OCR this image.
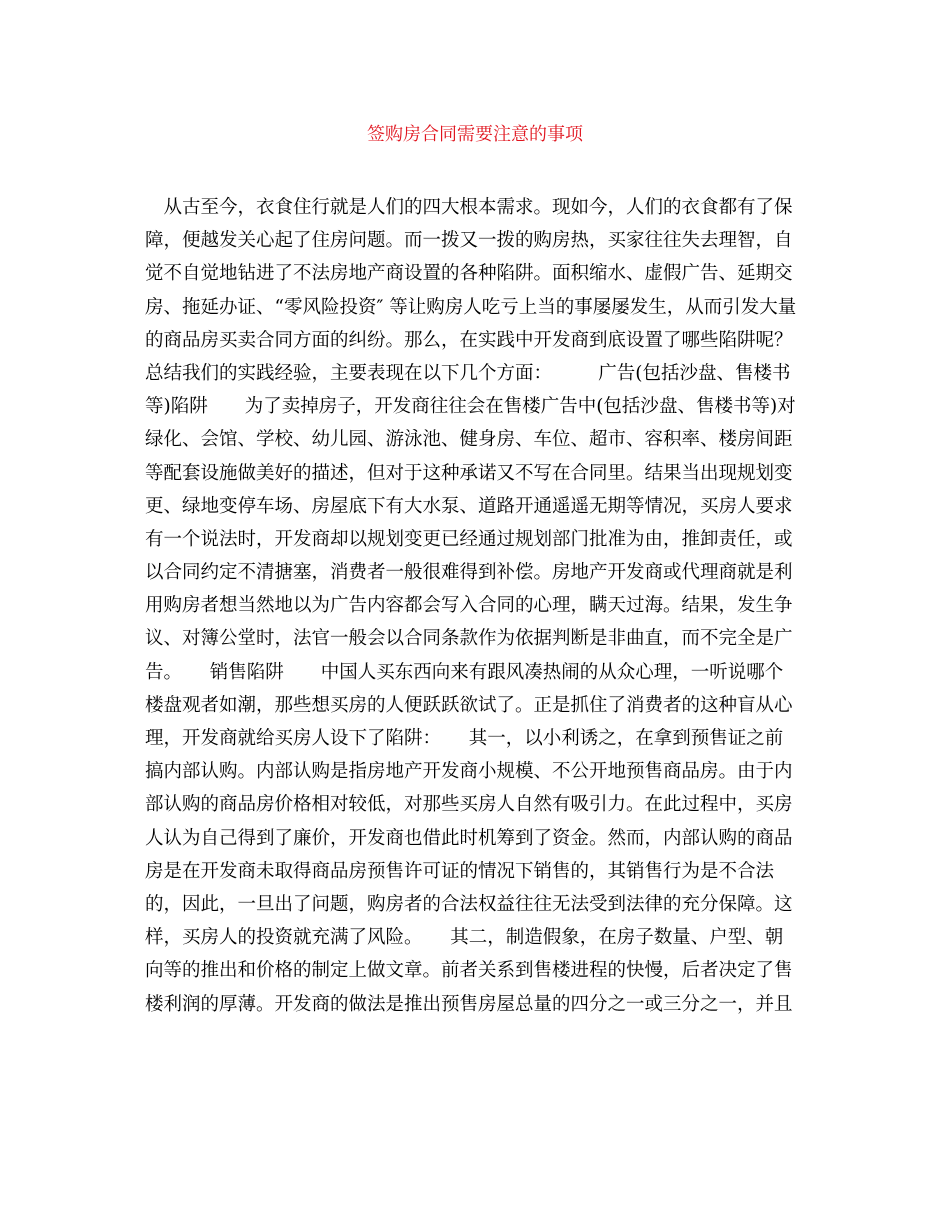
签购房合同需要注意的事项
　从古至今，衣食住行就是人们的四大根本需求。现如今，人们的衣食都有了保
障，便越发关心起了住房问题。而一拨又一拨的购房热，买家往往失去理智，自
觉不自觉地钻进了不法房地产商设置的各种陷阱。面积缩水、虚假广告、延期交
房、拖延办证、“零风险投资″ 等让购房人吃亏上当的事屡屡发生，从而引发大量
的商品房买卖合同方面的纠纷。那么，在实践中开发商到底设置了哪些陷阱呢？
总结我们的实践经验，主要表现在以下几个方面：　　　广告(包括沙盘、售楼书
等)陷阱　　为了卖掉房子，开发商往往会在售楼广告中(包括沙盘、售楼书等)对
绿化、会馆、学校、幼儿园、游泳池、健身房、车位、超市、容积率、楼房间距
等配套设施做美好的描述，但对于这种承诺又不写在合同里。结果当出现规划变
更、绿地变停车场、房屋底下有大水泵、道路开通遥遥无期等情况，买房人要求
有一个说法时，开发商却以规划变更已经通过规划部门批准为由，推卸责任，或
以合同约定不清搪塞，消费者一般很难得到补偿。房地产开发商或代理商就是利
用购房者想当然地以为广告内容都会写入合同的心理，瞒天过海。结果，发生争
议、对簿公堂时，法官一般会以合同条款作为依据判断是非曲直，而不完全是广
告。　　销售陷阱　　中国人买东西向来有跟风凑热闹的从众心理，一听说哪个
楼盘观者如潮，那些想买房的人便跃跃欲试了。正是抓住了消费者的这种盲从心
理，开发商就给买房人设下了陷阱：　　其一，以小利诱之，在拿到预售证之前
搞内部认购。内部认购是指房地产开发商小规模、不公开地预售商品房。由于内
部认购的商品房价格相对较低，对那些买房人自然有吸引力。在此过程中，买房
人认为自己得到了廉价，开发商也借此时机筹到了资金。然而，内部认购的商品
房是在开发商未取得商品房预售许可证的情况下销售的，其销售行为是不合法
的，因此，一旦出了问题，购房者的合法权益往往无法受到法律的充分保障。这
样，买房人的投资就充满了风险。　　其二，制造假象，在房子数量、户型、朝
向等的推出和价格的制定上做文章。前者关系到售楼进程的快慢，后者决定了售
楼利润的厚薄。开发商的做法是推出预售房屋总量的四分之一或三分之一，并且
